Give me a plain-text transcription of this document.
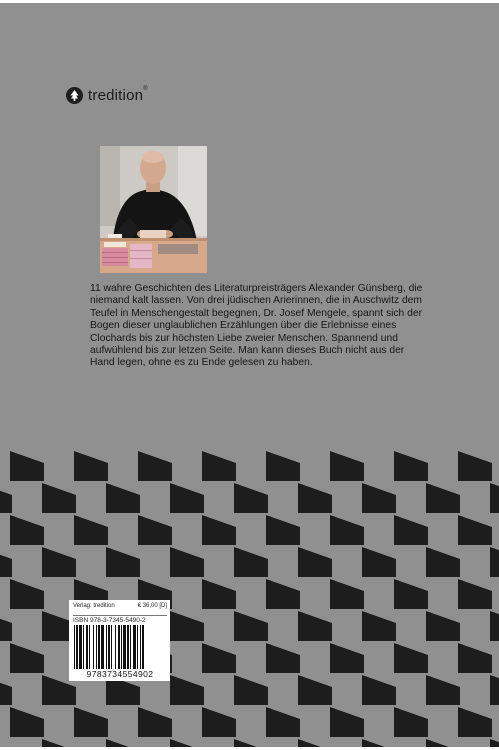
tredition®

11 wahre Geschichten des Literaturpreisträgers Alexander Günsberg, die niemand kalt lassen. Von drei jüdischen Arierinnen, die in Auschwitz dem Teufel in Menschengestalt begegnen, Dr. Josef Mengele, spannt sich der Bogen dieser unglaublichen Erzählungen über die Erlebnisse eines Clochards bis zur höchsten Liebe zweier Menschen. Spannend und aufwühlend bis zur letzen Seite. Man kann dieses Buch nicht aus der Hand legen, ohne es zu Ende gelesen zu haben.

Verlag: tredition	€ 36,00 [D]
ISBN 978-3-7345-5490-2
9783734554902
